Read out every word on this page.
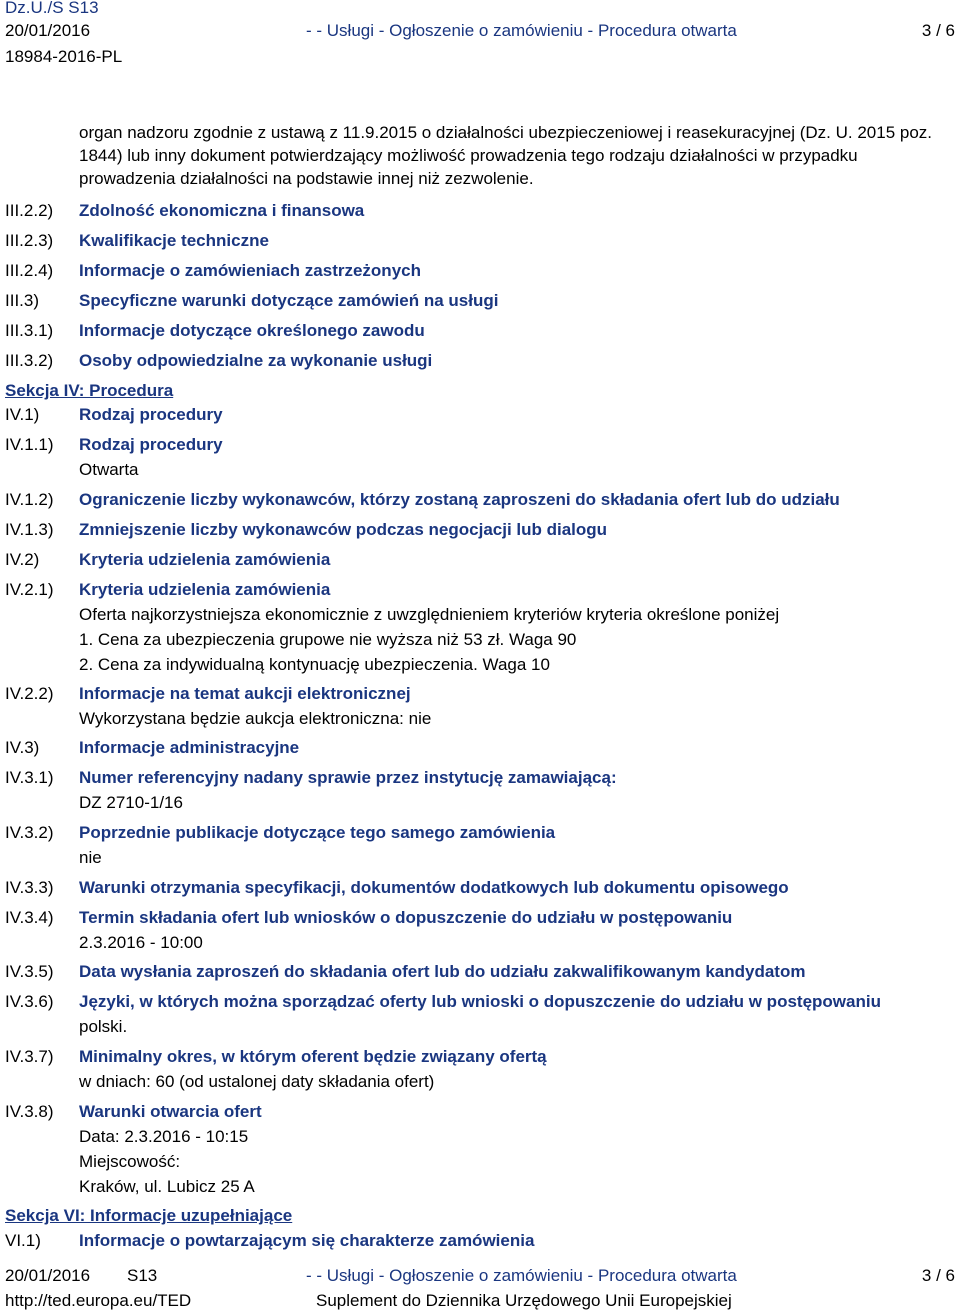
Dz.U./S S13
20/01/2016
18984-2016-PL
- - Usługi - Ogłoszenie o zamówieniu - Procedura otwarta	3 / 6
organ nadzoru zgodnie z ustawą z 11.9.2015 o działalności ubezpieczeniowej i reasekuracyjnej (Dz. U. 2015 poz. 1844) lub inny dokument potwierdzający możliwość prowadzenia tego rodzaju działalności w przypadku prowadzenia działalności na podstawie innej niż zezwolenie.
III.2.2) Zdolność ekonomiczna i finansowa
III.2.3) Kwalifikacje techniczne
III.2.4) Informacje o zamówieniach zastrzeżonych
III.3) Specyficzne warunki dotyczące zamówień na usługi
III.3.1) Informacje dotyczące określonego zawodu
III.3.2) Osoby odpowiedzialne za wykonanie usługi
Sekcja IV: Procedura
IV.1) Rodzaj procedury
IV.1.1) Rodzaj procedury
Otwarta
IV.1.2) Ograniczenie liczby wykonawców, którzy zostaną zaproszeni do składania ofert lub do udziału
IV.1.3) Zmniejszenie liczby wykonawców podczas negocjacji lub dialogu
IV.2) Kryteria udzielenia zamówienia
IV.2.1) Kryteria udzielenia zamówienia
Oferta najkorzystniejsza ekonomicznie z uwzględnieniem kryteriów kryteria określone poniżej
1. Cena za ubezpieczenia grupowe nie wyższa niż 53 zł. Waga 90
2. Cena za indywidualną kontynuację ubezpieczenia. Waga 10
IV.2.2) Informacje na temat aukcji elektronicznej
Wykorzystana będzie aukcja elektroniczna: nie
IV.3) Informacje administracyjne
IV.3.1) Numer referencyjny nadany sprawie przez instytucję zamawiającą:
DZ 2710-1/16
IV.3.2) Poprzednie publikacje dotyczące tego samego zamówienia
nie
IV.3.3) Warunki otrzymania specyfikacji, dokumentów dodatkowych lub dokumentu opisowego
IV.3.4) Termin składania ofert lub wniosków o dopuszczenie do udziału w postępowaniu
2.3.2016 - 10:00
IV.3.5) Data wysłania zaproszeń do składania ofert lub do udziału zakwalifikowanym kandydatom
IV.3.6) Języki, w których można sporządzać oferty lub wnioski o dopuszczenie do udziału w postępowaniu
polski.
IV.3.7) Minimalny okres, w którym oferent będzie związany ofertą
w dniach: 60 (od ustalonej daty składania ofert)
IV.3.8) Warunki otwarcia ofert
Data: 2.3.2016 - 10:15
Miejscowość:
Kraków, ul. Lubicz 25 A
Sekcja VI: Informacje uzupełniające
VI.1) Informacje o powtarzającym się charakterze zamówienia
20/01/2016 S13
http://ted.europa.eu/TED
- - Usługi - Ogłoszenie o zamówieniu - Procedura otwarta
Suplement do Dziennika Urzędowego Unii Europejskiej
3 / 6
